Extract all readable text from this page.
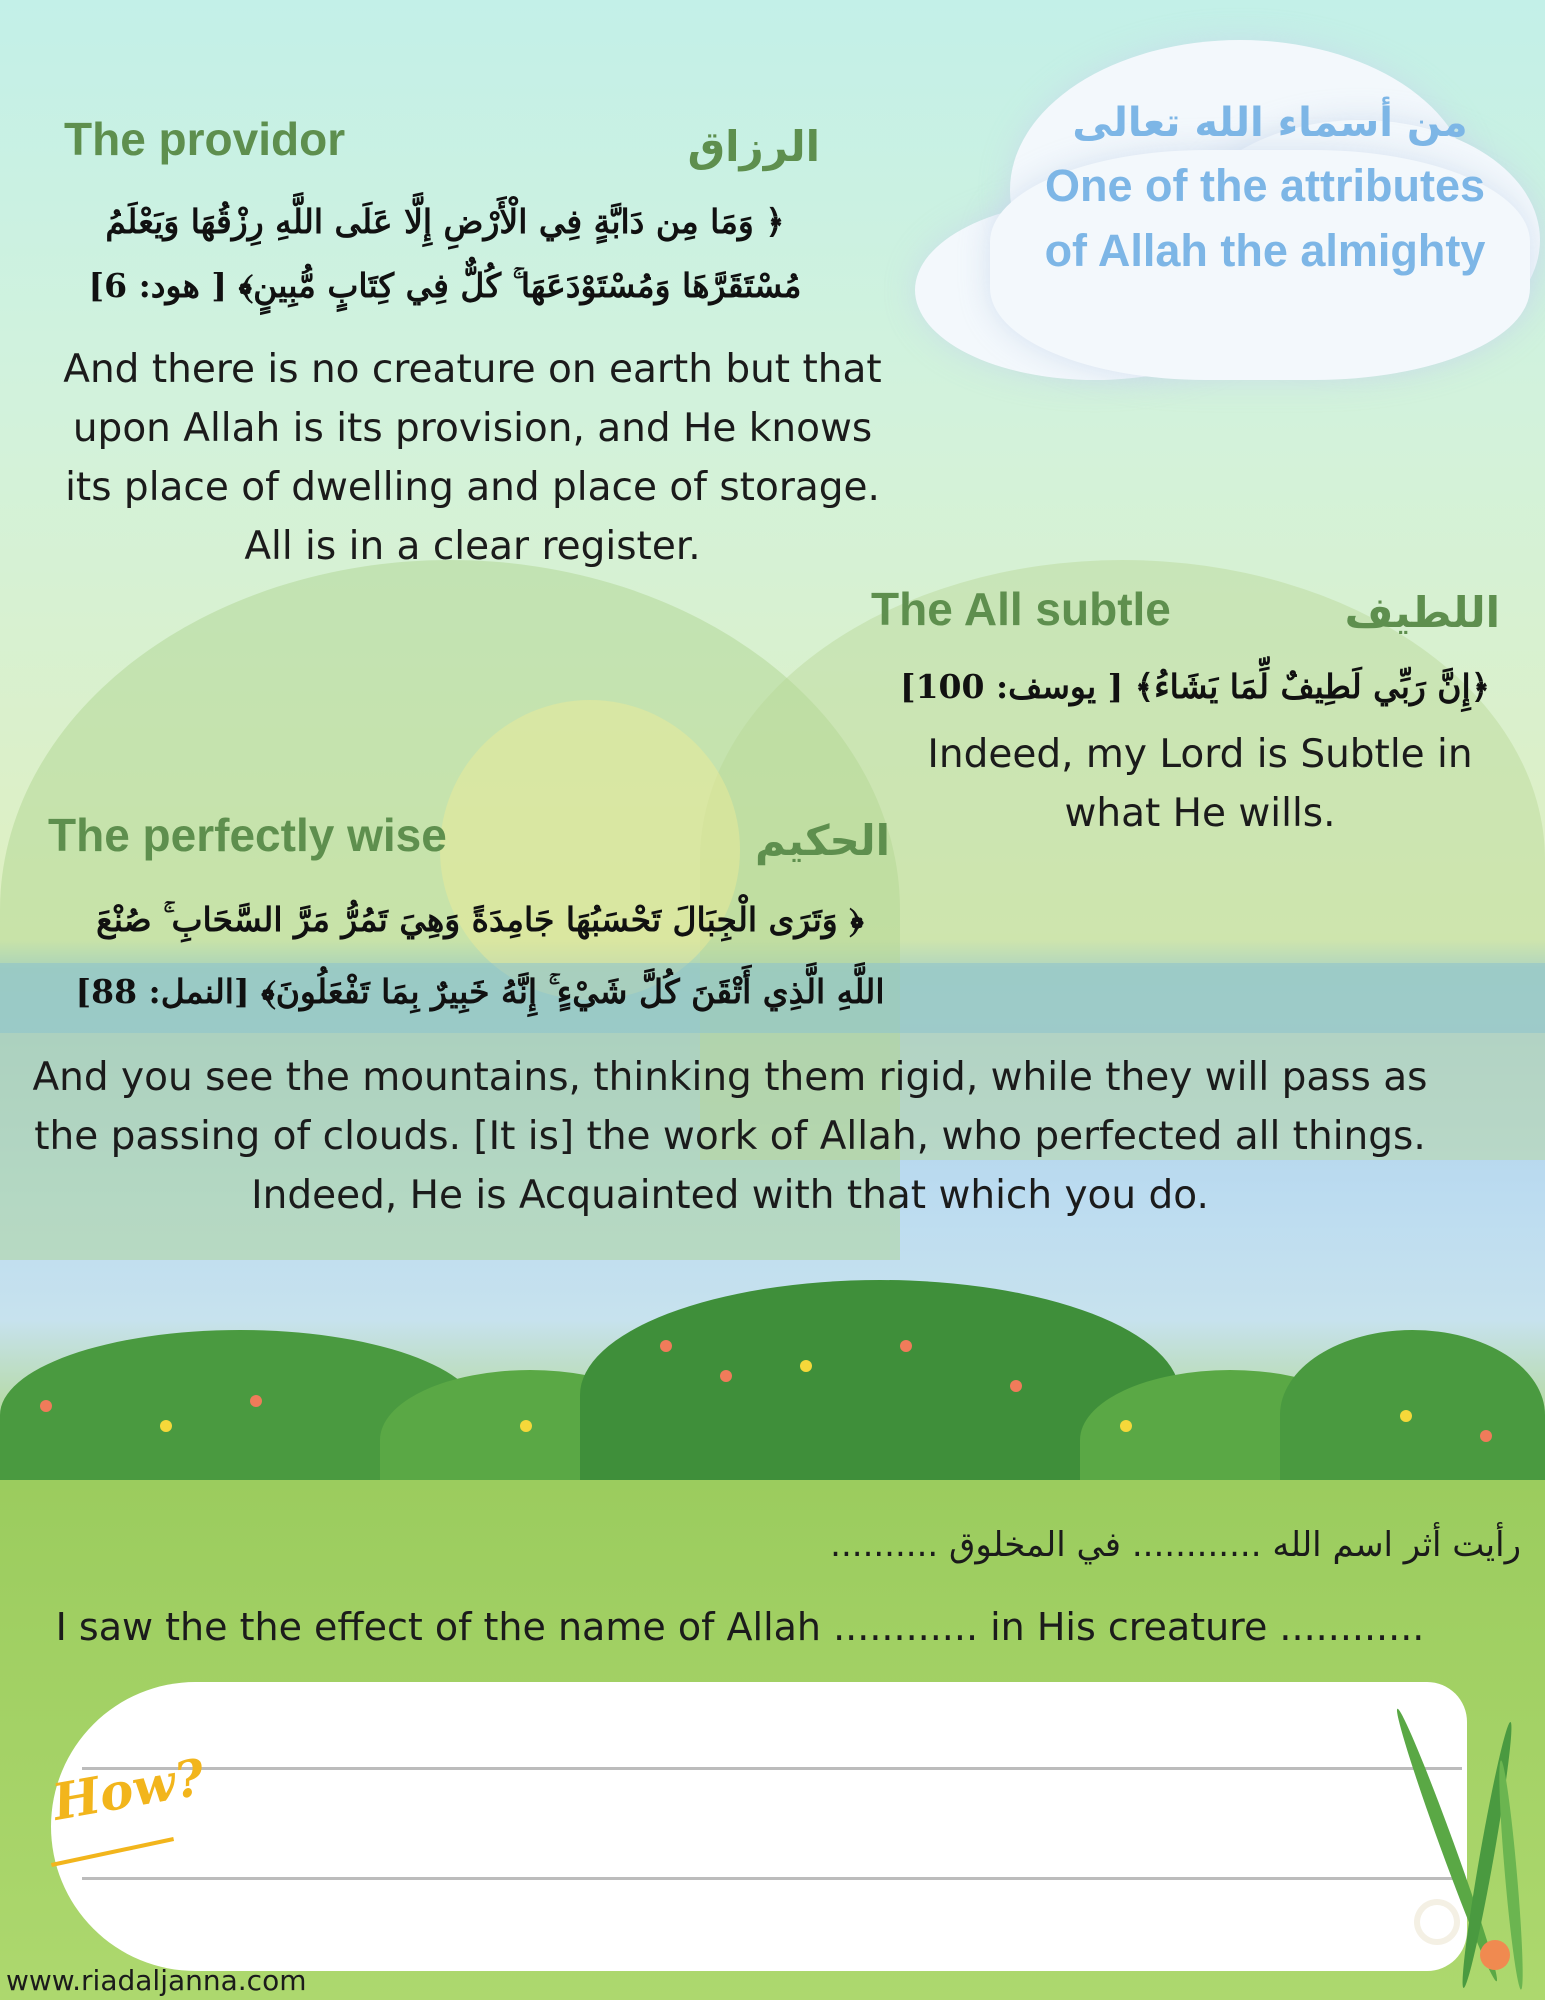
من أسماء الله تعالى
One of the attributes
of Allah the almighty
The providor	الرزاق
﴿ وَمَا مِن دَابَّةٍ فِي الْأَرْضِ إِلَّا عَلَى اللَّهِ رِزْقُهَا وَيَعْلَمُ
مُسْتَقَرَّهَا وَمُسْتَوْدَعَهَا ۚ كُلٌّ فِي كِتَابٍ مُّبِينٍ﴾ [ هود: 6]
And there is no creature on earth but that upon Allah is its provision, and He knows its place of dwelling and place of storage. All is in a clear register.
The All subtle	اللطيف
﴿إِنَّ رَبِّي لَطِيفٌ لِّمَا يَشَاءُ﴾ [ يوسف: 100]
Indeed, my Lord is Subtle in what He wills.
The perfectly wise	الحكيم
﴿ وَتَرَى الْجِبَالَ تَحْسَبُهَا جَامِدَةً وَهِيَ تَمُرُّ مَرَّ السَّحَابِ ۚ صُنْعَ
اللَّهِ الَّذِي أَتْقَنَ كُلَّ شَيْءٍ ۚ إِنَّهُ خَبِيرٌ بِمَا تَفْعَلُونَ﴾ [النمل: 88]
And you see the mountains, thinking them rigid, while they will pass as the passing of clouds. [It is] the work of Allah, who perfected all things. Indeed, He is Acquainted with that which you do.
رأيت أثر اسم الله ............ في المخلوق ..........
I saw the the effect of the name of Allah ............ in His creature ............
How?
www.riadaljanna.com
